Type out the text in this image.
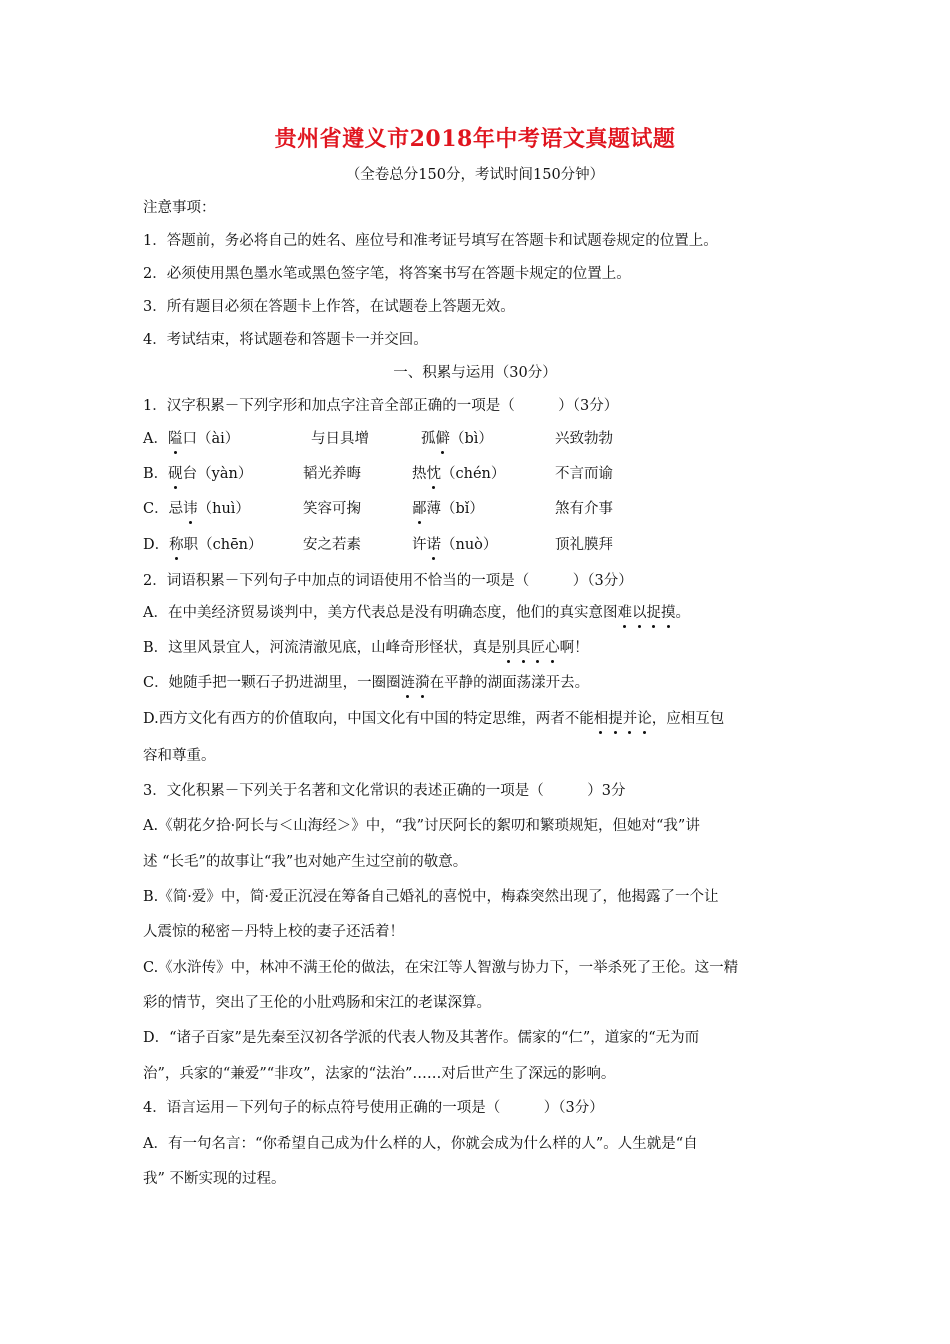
贵州省遵义市2018年中考语文真题试题
（全卷总分150分，考试时间150分钟）
注意事项：
1．答题前，务必将自己的姓名、座位号和准考证号填写在答题卡和试题卷规定的位置上。
2．必须使用黑色墨水笔或黑色签字笔，将答案书写在答题卡规定的位置上。
3．所有题目必须在答题卡上作答，在试题卷上答题无效。
4．考试结束，将试题卷和答题卡一并交回。
一、积累与运用（30分）
1．汉字积累－下列字形和加点字注音全部正确的一项是（　　　）（3分）
A．隘口（ài）	与日具增	孤僻（bì）	兴致勃勃
B．砚台（yàn）	韬光养晦	热忱（chén）	不言而谕
C．忌讳（huì）	笑容可掬	鄙薄（bǐ）	煞有介事
D．称职（chēn）	安之若素	许诺（nuò）	顶礼膜拜
2．词语积累－下列句子中加点的词语使用不恰当的一项是（　　　）（3分）
A．在中美经济贸易谈判中，美方代表总是没有明确态度，他们的真实意图难以捉摸。
B．这里风景宜人，河流清澈见底，山峰奇形怪状，真是别具匠心啊！
C．她随手把一颗石子扔进湖里，一圈圈涟漪在平静的湖面荡漾开去。
D.西方文化有西方的价值取向，中国文化有中国的特定思维，两者不能相提并论，应相互包
容和尊重。
3．文化积累－下列关于名著和文化常识的表述正确的一项是（　　　）3分
A.《朝花夕拾·阿长与＜山海经＞》中，“我”讨厌阿长的絮叨和繁琐规矩，但她对“我”讲
述 “长毛”的故事让“我”也对她产生过空前的敬意。
B.《简·爱》中，简·爱正沉浸在筹备自己婚礼的喜悦中，梅森突然出现了，他揭露了一个让
人震惊的秘密－丹特上校的妻子还活着！
C.《水浒传》中，林冲不满王伦的做法，在宋江等人智激与协力下，一举杀死了王伦。这一精
彩的情节，突出了王伦的小肚鸡肠和宋江的老谋深算。
D．“诸子百家”是先秦至汉初各学派的代表人物及其著作。儒家的“仁”，道家的“无为而
治”，兵家的“兼爱”“非攻”，法家的“法治”……对后世产生了深远的影响。
4．语言运用－下列句子的标点符号使用正确的一项是（　　　）（3分）
A．有一句名言：“你希望自己成为什么样的人，你就会成为什么样的人”。人生就是“自
我” 不断实现的过程。
